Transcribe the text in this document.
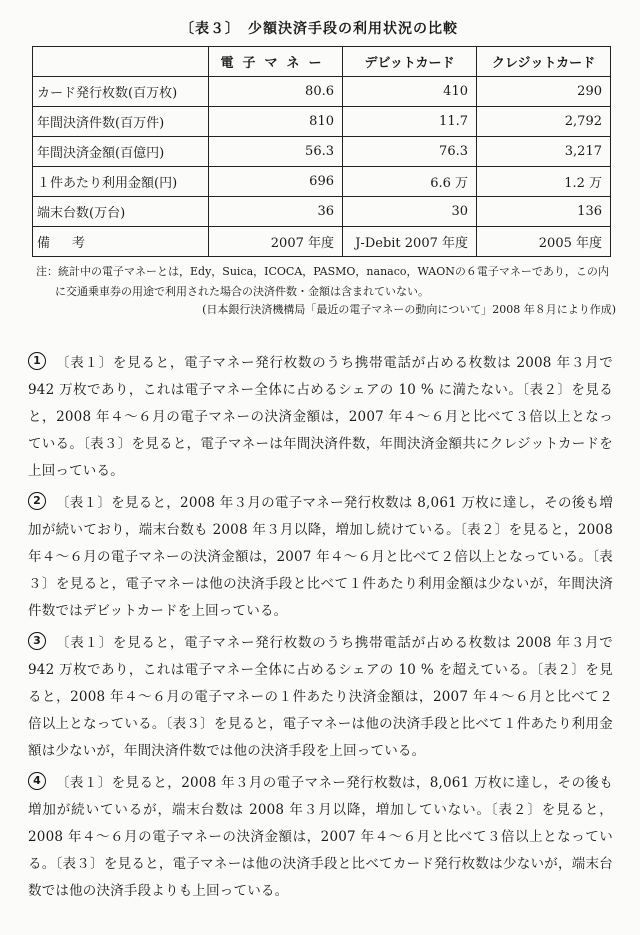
〔表３〕　少額決済手段の利用状況の比較
	電子マネー	デビットカード	クレジットカード
カード発行枚数(百万枚)	80.6	410	290
年間決済件数(百万件)	810	11.7	2,792
年間決済金額(百億円)	56.3	76.3	3,217
１件あたり利用金額(円)	696	6.6 万	1.2 万
端末台数(万台)	36	30	136
備考	2007 年度	J-Debit 2007 年度	2005 年度
注：統計中の電子マネーとは，Edy，Suica，ICOCA，PASMO，nanaco，WAONの６電子マネーであり，この内
に交通乗車券の用途で利用された場合の決済件数・金額は含まれていない。
(日本銀行決済機構局「最近の電子マネーの動向について」2008 年８月により作成)
1	〔表１〕を見ると，電子マネー発行枚数のうち携帯電話が占める枚数は 2008 年３月で 942 万枚であり，これは電子マネー全体に占めるシェアの 10 % に満たない。〔表２〕を見ると，2008 年４～６月の電子マネーの決済金額は，2007 年４～６月と比べて３倍以上となっている。〔表３〕を見ると，電子マネーは年間決済件数，年間決済金額共にクレジットカードを上回っている。

2	〔表１〕を見ると，2008 年３月の電子マネー発行枚数は 8,061 万枚に達し，その後も増加が続いており，端末台数も 2008 年３月以降，増加し続けている。〔表２〕を見ると，2008 年４～６月の電子マネーの決済金額は，2007 年４～６月と比べて２倍以上となっている。〔表３〕を見ると，電子マネーは他の決済手段と比べて１件あたり利用金額は少ないが，年間決済件数ではデビットカードを上回っている。

3	〔表１〕を見ると，電子マネー発行枚数のうち携帯電話が占める枚数は 2008 年３月で 942 万枚であり，これは電子マネー全体に占めるシェアの 10 % を超えている。〔表２〕を見ると，2008 年４～６月の電子マネーの１件あたり決済金額は，2007 年４～６月と比べて２倍以上となっている。〔表３〕を見ると，電子マネーは他の決済手段と比べて１件あたり利用金額は少ないが，年間決済件数では他の決済手段を上回っている。

4	〔表１〕を見ると，2008 年３月の電子マネー発行枚数は，8,061 万枚に達し，その後も増加が続いているが，端末台数は 2008 年３月以降，増加していない。〔表２〕を見ると，2008 年４～６月の電子マネーの決済金額は，2007 年４～６月と比べて３倍以上となっている。〔表３〕を見ると，電子マネーは他の決済手段と比べてカード発行枚数は少ないが，端末台数では他の決済手段よりも上回っている。
